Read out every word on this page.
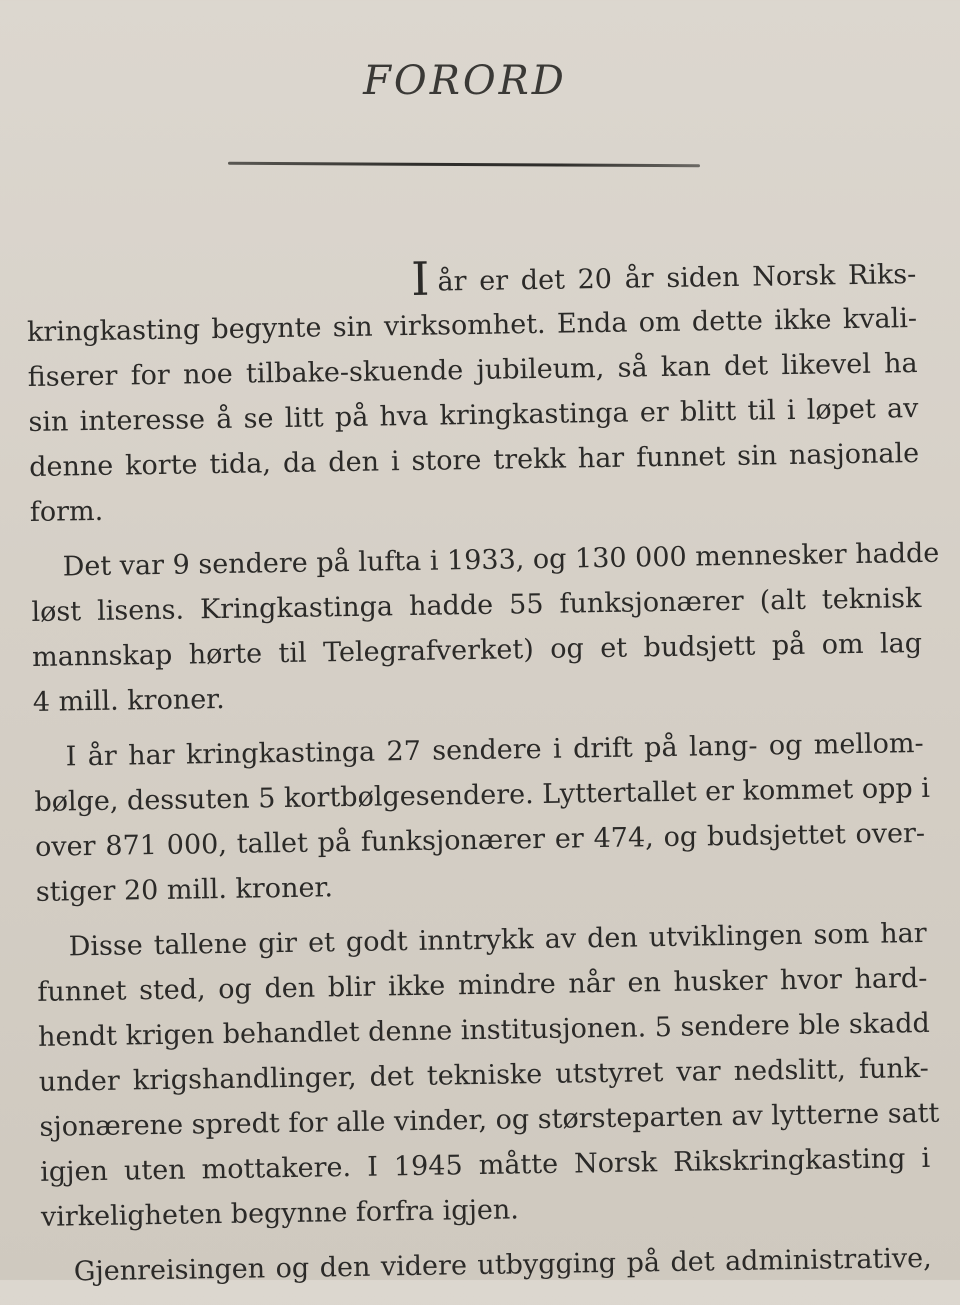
FORORD
Iår er det 20 år siden Norsk Riks-
kringkasting begynte sin virksomhet. Enda om dette ikke kvali-
fiserer for noe tilbake-skuende jubileum, så kan det likevel ha
sin interesse å se litt på hva kringkastinga er blitt til i løpet av
denne korte tida, da den i store trekk har funnet sin nasjonale
form.
Det var 9 sendere på lufta i 1933, og 130 000 mennesker hadde
løst lisens. Kringkastinga hadde 55 funksjonærer (alt teknisk
mannskap hørte til Telegrafverket) og et budsjett på om lag
4 mill. kroner.
I år har kringkastinga 27 sendere i drift på lang- og mellom-
bølge, dessuten 5 kortbølgesendere. Lyttertallet er kommet opp i
over 871 000, tallet på funksjonærer er 474, og budsjettet over-
stiger 20 mill. kroner.
Disse tallene gir et godt inntrykk av den utviklingen som har
funnet sted, og den blir ikke mindre når en husker hvor hard-
hendt krigen behandlet denne institusjonen. 5 sendere ble skadd
under krigshandlinger, det tekniske utstyret var nedslitt, funk-
sjonærene spredt for alle vinder, og størsteparten av lytterne satt
igjen uten mottakere. I 1945 måtte Norsk Rikskringkasting i
virkeligheten begynne forfra igjen.
Gjenreisingen og den videre utbygging på det administrative,
